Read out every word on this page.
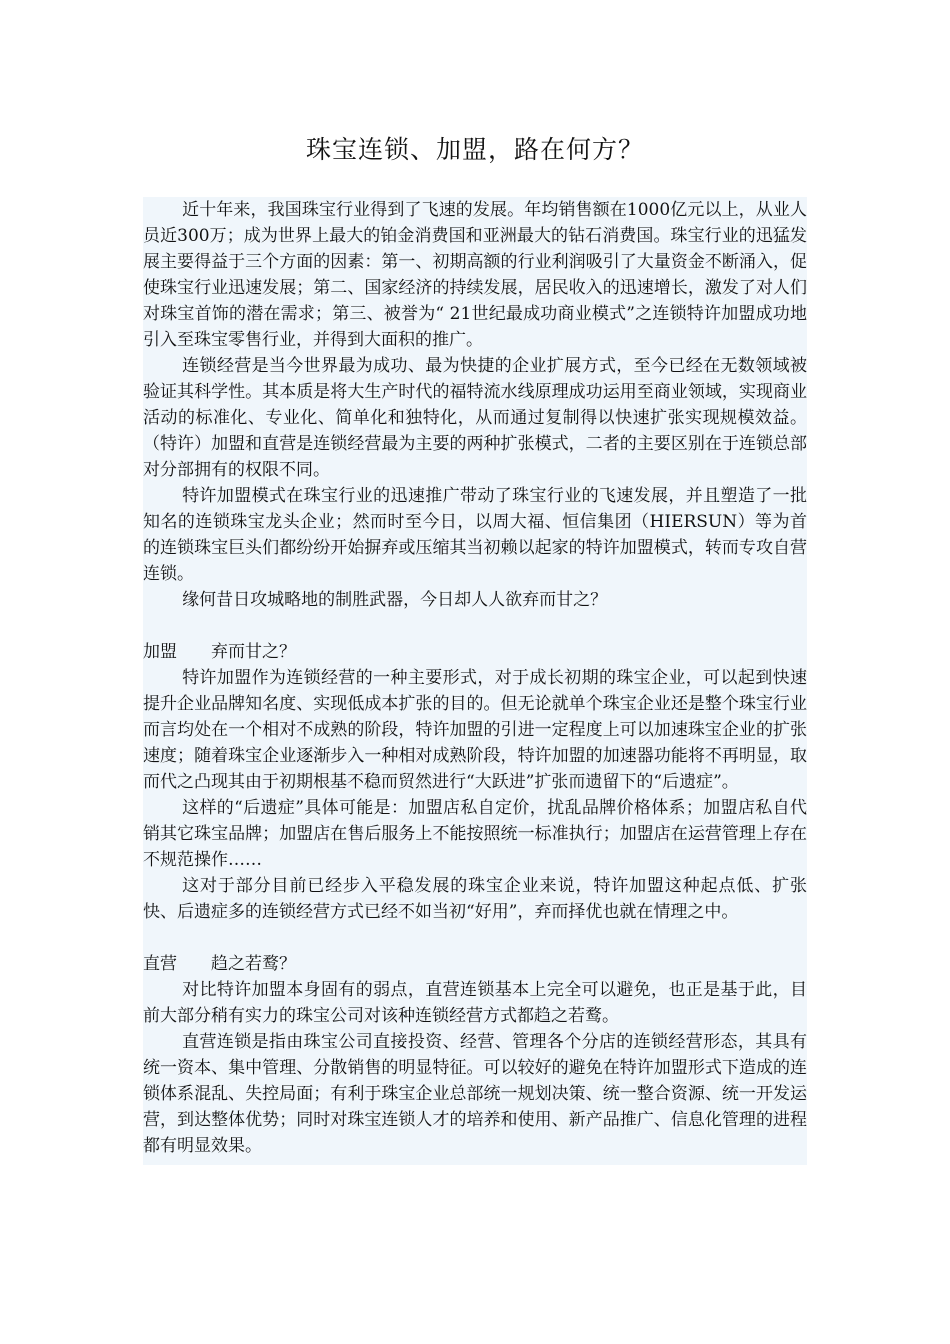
珠宝连锁、加盟，路在何方？

近十年来，我国珠宝行业得到了飞速的发展。年均销售额在1000亿元以上，从业人员近300万；成为世界上最大的铂金消费国和亚洲最大的钻石消费国。珠宝行业的迅猛发展主要得益于三个方面的因素：第一、初期高额的行业利润吸引了大量资金不断涌入，促使珠宝行业迅速发展；第二、国家经济的持续发展，居民收入的迅速增长，激发了对人们对珠宝首饰的潜在需求；第三、被誉为“ 21世纪最成功商业模式”之连锁特许加盟成功地引入至珠宝零售行业，并得到大面积的推广。

连锁经营是当今世界最为成功、最为快捷的企业扩展方式，至今已经在无数领域被验证其科学性。其本质是将大生产时代的福特流水线原理成功运用至商业领域，实现商业活动的标准化、专业化、简单化和独特化，从而通过复制得以快速扩张实现规模效益。（特许）加盟和直营是连锁经营最为主要的两种扩张模式，二者的主要区别在于连锁总部对分部拥有的权限不同。

特许加盟模式在珠宝行业的迅速推广带动了珠宝行业的飞速发展，并且塑造了一批知名的连锁珠宝龙头企业；然而时至今日，以周大福、恒信集团（HIERSUN）等为首的连锁珠宝巨头们都纷纷开始摒弃或压缩其当初赖以起家的特许加盟模式，转而专攻自营连锁。

缘何昔日攻城略地的制胜武器，今日却人人欲弃而甘之？

加盟　　弃而甘之？

特许加盟作为连锁经营的一种主要形式，对于成长初期的珠宝企业，可以起到快速提升企业品牌知名度、实现低成本扩张的目的。但无论就单个珠宝企业还是整个珠宝行业而言均处在一个相对不成熟的阶段，特许加盟的引进一定程度上可以加速珠宝企业的扩张速度；随着珠宝企业逐渐步入一种相对成熟阶段，特许加盟的加速器功能将不再明显，取而代之凸现其由于初期根基不稳而贸然进行“大跃进”扩张而遗留下的“后遗症”。

这样的“后遗症”具体可能是：加盟店私自定价，扰乱品牌价格体系；加盟店私自代销其它珠宝品牌；加盟店在售后服务上不能按照统一标准执行；加盟店在运营管理上存在不规范操作……

这对于部分目前已经步入平稳发展的珠宝企业来说，特许加盟这种起点低、扩张快、后遗症多的连锁经营方式已经不如当初“好用”，弃而择优也就在情理之中。

直营　　趋之若鹜？

对比特许加盟本身固有的弱点，直营连锁基本上完全可以避免，也正是基于此，目前大部分稍有实力的珠宝公司对该种连锁经营方式都趋之若鹜。

直营连锁是指由珠宝公司直接投资、经营、管理各个分店的连锁经营形态，其具有统一资本、集中管理、分散销售的明显特征。可以较好的避免在特许加盟形式下造成的连锁体系混乱、失控局面；有利于珠宝企业总部统一规划决策、统一整合资源、统一开发运营，到达整体优势；同时对珠宝连锁人才的培养和使用、新产品推广、信息化管理的进程都有明显效果。
